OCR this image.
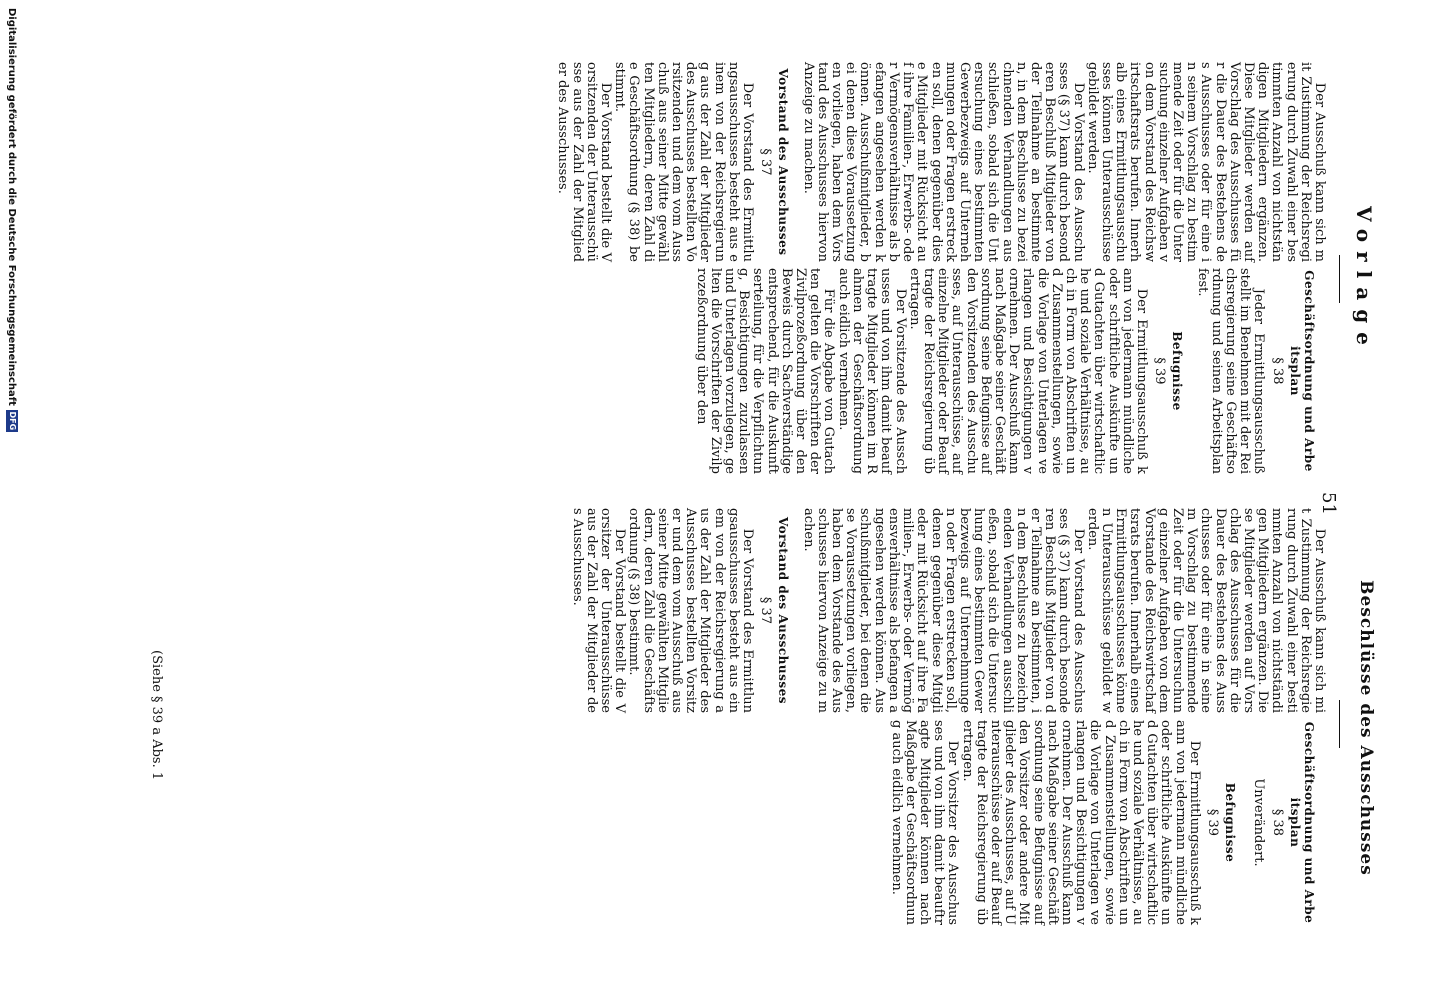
Vorlage
51
Beschlüsse des Ausschusses

Der Ausschuß kann sich mit Zustimmung der Reichsregierung durch Zuwahl einer bestimmten Anzahl von nichtständigen Mitgliedern ergänzen. Diese Mitglieder werden auf Vorschlag des Ausschusses für die Dauer des Bestehens des Ausschusses oder für eine in seinem Vorschlag zu bestimmende Zeit oder für die Untersuchung einzelner Aufgaben von dem Vorstand des Reichswirtschaftsrats berufen. Innerhalb eines Ermittlungsausschusses können Unterausschüsse gebildet werden.

Der Vorstand des Ausschusses (§ 37) kann durch besonderen Beschluß Mitglieder von der Teilnahme an bestimmten, in dem Beschlusse zu bezeichnenden Verhandlungen ausschließen, sobald sich die Untersuchung eines bestimmten Gewerbezweigs auf Unternehmungen oder Fragen erstrecken soll, denen gegenüber diese Mitglieder mit Rücksicht auf ihre Familien-, Erwerbs- oder Vermögensverhältnisse als befangen angesehen werden können. Ausschußmitglieder, bei denen diese Voraussetzungen vorliegen, haben dem Vorstand des Ausschusses hiervon Anzeige zu machen.

Vorstand des Ausschusses
§ 37

Der Vorstand des Ermittlungsausschusses besteht aus einem von der Reichsregierung aus der Zahl der Mitglieder des Ausschusses bestellten Vorsitzenden und dem vom Ausschuß aus seiner Mitte gewählten Mitgliedern, deren Zahl die Geschäftsordnung (§ 38) bestimmt.

Der Vorstand bestellt die Vorsitzenden der Unterausschüsse aus der Zahl der Mitglieder des Ausschusses.

Geschäftsordnung und Arbeitsplan
§ 38

Jeder Ermittlungsausschuß stellt im Benehmen mit der Reichsregierung seine Geschäftsordnung und seinen Arbeitsplan fest.

Befugnisse
§ 39

Der Ermittlungsausschuß kann von jedermann mündliche oder schriftliche Auskünfte und Gutachten über wirtschaftliche und soziale Verhältnisse, auch in Form von Abschriften und Zusammenstellungen, sowie die Vorlage von Unterlagen verlangen und Besichtigungen vornehmen. Der Ausschuß kann nach Maßgabe seiner Geschäftsordnung seine Befugnisse auf den Vorsitzenden des Ausschusses, auf Unterausschüsse, auf einzelne Mitglieder oder Beauftragte der Reichsregierung übertragen.

Der Vorsitzende des Ausschusses und von ihm damit beauftragte Mitglieder können im Rahmen der Geschäftsordnung auch eidlich vernehmen.

Für die Abgabe von Gutachten gelten die Vorschriften der Zivilprozeßordnung über den Beweis durch Sachverständige entsprechend, für die Auskunftserteilung, für die Verpflichtung, Besichtigungen zuzulassen und Unterlagen vorzulegen, gelten die Vorschriften der Zivilprozeßordnung über den

Der Ausschuß kann sich mit Zustimmung der Reichsregierung durch Zuwahl einer bestimmten Anzahl von nichtständigen Mitgliedern ergänzen. Diese Mitglieder werden auf Vorschlag des Ausschusses für die Dauer des Bestehens des Ausschusses oder für eine in seinem Vorschlag zu bestimmende Zeit oder für die Untersuchung einzelner Aufgaben von dem Vorstande des Reichswirtschaftsrats berufen. Innerhalb eines Ermittlungsausschusses können Unterausschüsse gebildet werden.

Der Vorstand des Ausschusses (§ 37) kann durch besonderen Beschluß Mitglieder von der Teilnahme an bestimmten, in dem Beschlusse zu bezeichnenden Verhandlungen ausschließen, sobald sich die Untersuchung eines bestimmten Gewerbezweigs auf Unternehmungen oder Fragen erstrecken soll, denen gegenüber diese Mitglieder mit Rücksicht auf ihre Familien-, Erwerbs- oder Vermögensverhältnisse als befangen angesehen werden können. Ausschußmitglieder, bei denen diese Voraussetzungen vorliegen, haben dem Vorstande des Ausschusses hiervon Anzeige zu machen.

Vorstand des Ausschusses
§ 37

Der Vorstand des Ermittlungsausschusses besteht aus einem von der Reichsregierung aus der Zahl der Mitglieder des Ausschusses bestellten Vorsitzer und dem vom Ausschuß aus seiner Mitte gewählten Mitgliedern, deren Zahl die Geschäftsordnung (§ 38) bestimmt.

Der Vorstand bestellt die Vorsitzer der Unterausschüsse aus der Zahl der Mitglieder des Ausschusses.

Geschäftsordnung und Arbeitsplan
§ 38
Unverändert.
Befugnisse
§ 39

Der Ermittlungsausschuß kann von jedermann mündliche oder schriftliche Auskünfte und Gutachten über wirtschaftliche und soziale Verhältnisse, auch in Form von Abschriften und Zusammenstellungen, sowie die Vorlage von Unterlagen verlangen und Besichtigungen vornehmen. Der Ausschuß kann nach Maßgabe seiner Geschäftsordnung seine Befugnisse auf den Vorsitzer oder andere Mitglieder des Ausschusses, auf Unterausschüsse oder auf Beauftragte der Reichsregierung übertragen.

Der Vorsitzer des Ausschusses und von ihm damit beauftragte Mitglieder können nach Maßgabe der Geschäftsordnung auch eidlich vernehmen.

(Siehe § 39 a Abs. 1
Digitalisierung gefördert durch die Deutsche Forschungsgemeinschaft
DFG
